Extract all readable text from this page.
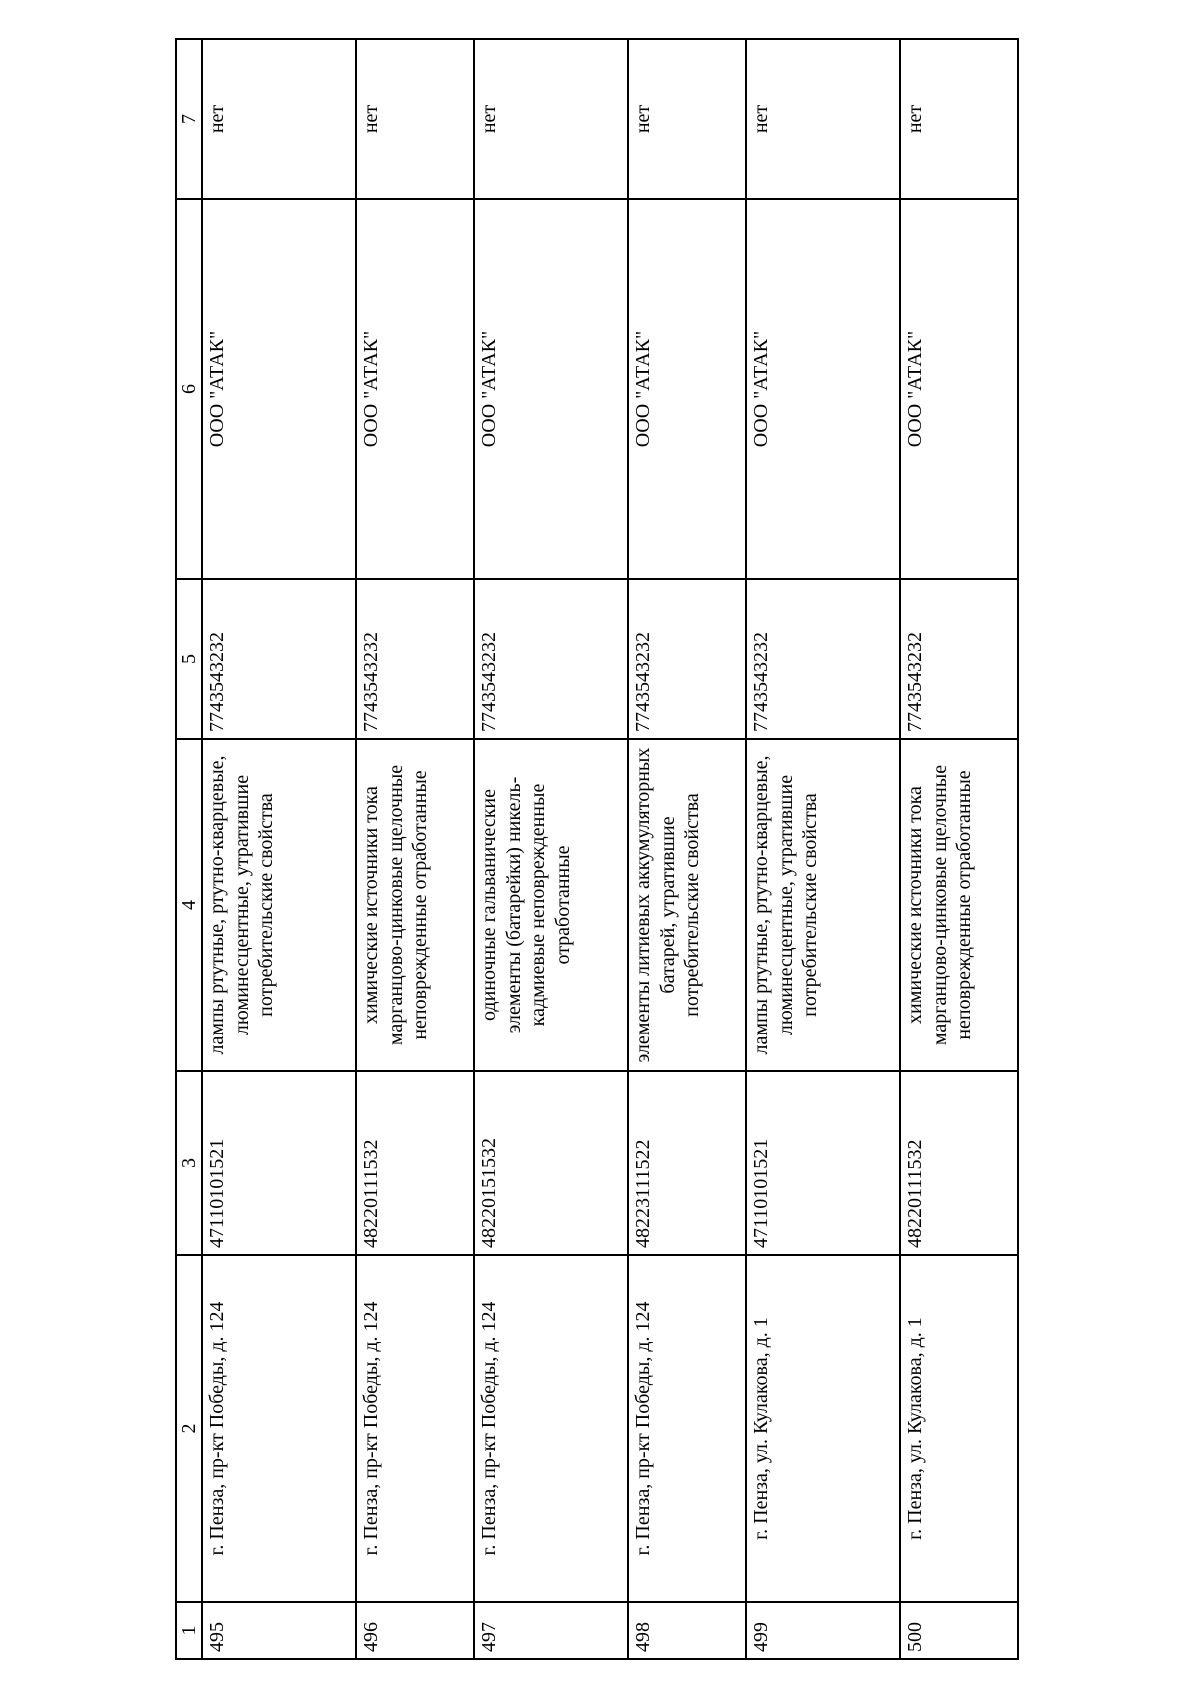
1	2	3	4	5	6	7
495	г. Пенза, пр-кт Победы, д. 124	47110101521	лампы ртутные, ртутно-кварцевые, люминесцентные, утратившие потребительские свойства	7743543232	ООО "АТАК"	нет
496	г. Пенза, пр-кт Победы, д. 124	48220111532	химические источники тока марганцово-цинковые щелочные неповрежденные отработанные	7743543232	ООО "АТАК"	нет
497	г. Пенза, пр-кт Победы, д. 124	48220151532	одиночные гальванические элементы (батарейки) никель-кадмиевые неповрежденные отработанные	7743543232	ООО "АТАК"	нет
498	г. Пенза, пр-кт Победы, д. 124	48223111522	элементы литиевых аккумуляторных батарей, утратившие потребительские свойства	7743543232	ООО "АТАК"	нет
499	г. Пенза, ул. Кулакова, д. 1	47110101521	лампы ртутные, ртутно-кварцевые, люминесцентные, утратившие потребительские свойства	7743543232	ООО "АТАК"	нет
500	г. Пенза, ул. Кулакова, д. 1	48220111532	химические источники тока марганцово-цинковые щелочные неповрежденные отработанные	7743543232	ООО "АТАК"	нет
